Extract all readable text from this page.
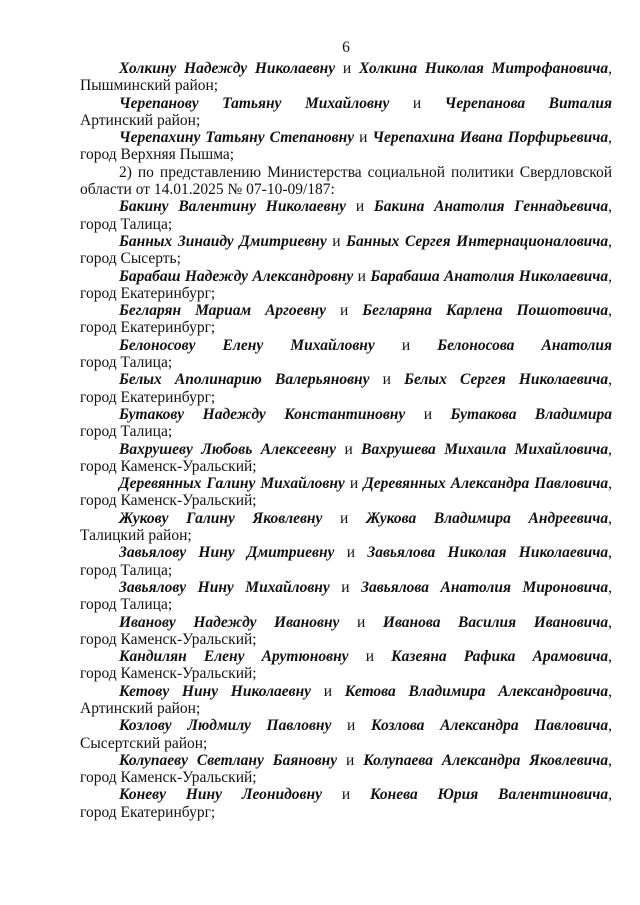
6
Холкину Надежду Николаевну и Холкина Николая Митрофановича,
Пышминский район;
Черепанову Татьяну Михайловну и Черепанова Виталия
Артинский район;
Черепахину Татьяну Степановну и Черепахина Ивана Порфирьевича,
город Верхняя Пышма;
2) по представлению Министерства социальной политики Свердловской
области от 14.01.2025 № 07-10-09/187:
Бакину Валентину Николаевну и Бакина Анатолия Геннадьевича,
город Талица;
Банных Зинаиду Дмитриевну и Банных Сергея Интернационаловича,
город Сысерть;
Барабаш Надежду Александровну и Барабаша Анатолия Николаевича,
город Екатеринбург;
Бегларян Мариам Аргоевну и Бегларяна Карлена Пошотовича,
город Екатеринбург;
Белоносову Елену Михайловну и Белоносова Анатолия
город Талица;
Белых Аполинарию Валерьяновну и Белых Сергея Николаевича,
город Екатеринбург;
Бутакову Надежду Константиновну и Бутакова Владимира
город Талица;
Вахрушеву Любовь Алексеевну и Вахрушева Михаила Михайловича,
город Каменск-Уральский;
Деревянных Галину Михайловну и Деревянных Александра Павловича,
город Каменск-Уральский;
Жукову Галину Яковлевну и Жукова Владимира Андреевича,
Талицкий район;
Завьялову Нину Дмитриевну и Завьялова Николая Николаевича,
город Талица;
Завьялову Нину Михайловну и Завьялова Анатолия Мироновича,
город Талица;
Иванову Надежду Ивановну и Иванова Василия Ивановича,
город Каменск-Уральский;
Кандилян Елену Арутюновну и Казеяна Рафика Арамовича,
город Каменск-Уральский;
Кетову Нину Николаевну и Кетова Владимира Александровича,
Артинский район;
Козлову Людмилу Павловну и Козлова Александра Павловича,
Сысертский район;
Колупаеву Светлану Баяновну и Колупаева Александра Яковлевича,
город Каменск-Уральский;
Коневу Нину Леонидовну и Конева Юрия Валентиновича,
город Екатеринбург;
